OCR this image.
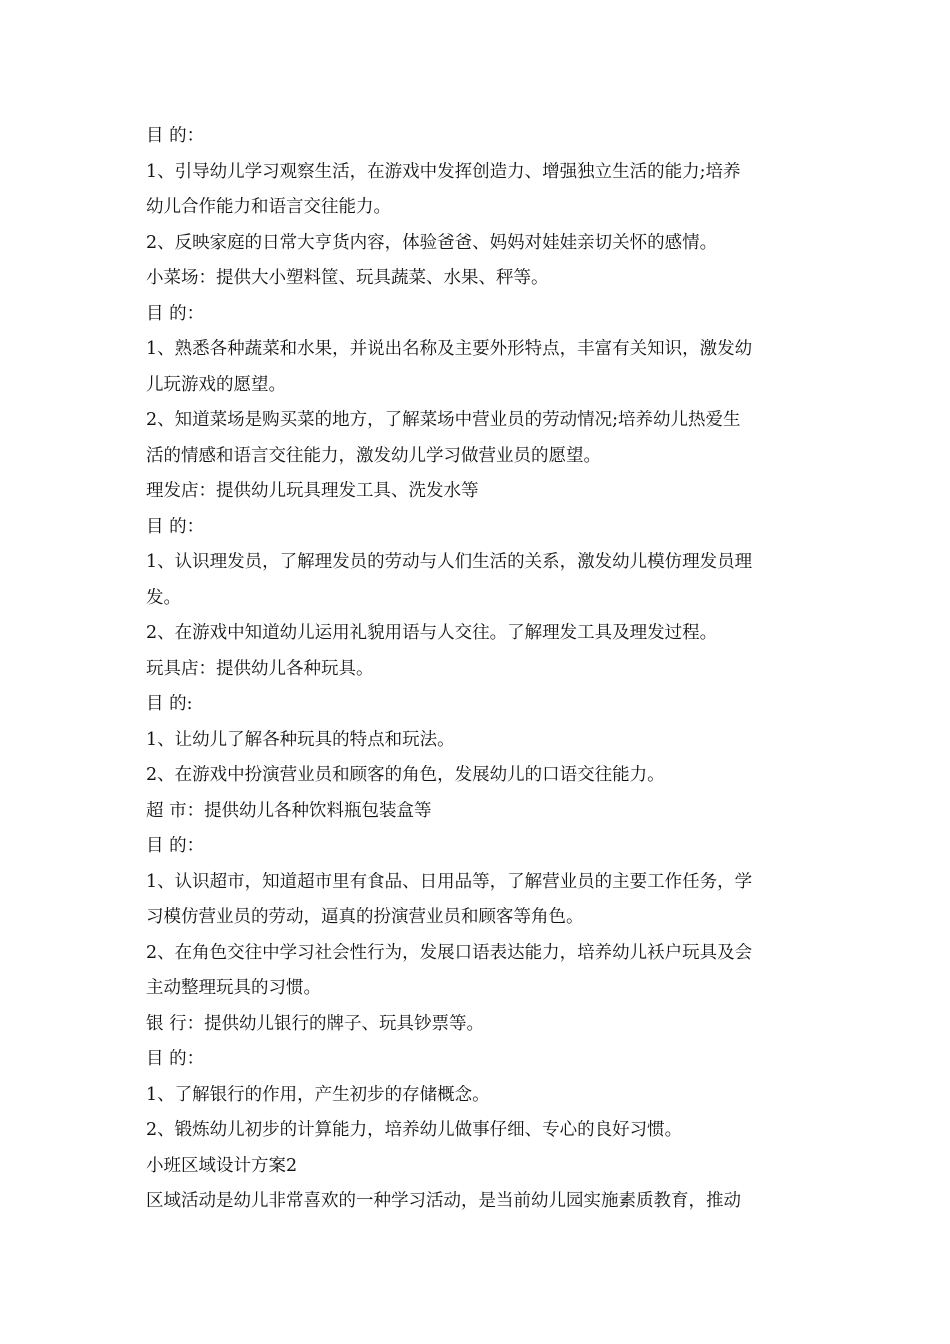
目 的：
1、引导幼儿学习观察生活，在游戏中发挥创造力、增强独立生活的能力;培养
幼儿合作能力和语言交往能力。
2、反映家庭的日常大亨货内容，体验爸爸、妈妈对娃娃亲切关怀的感情。
小菜场：提供大小塑料筐、玩具蔬菜、水果、秤等。
目 的：
1、熟悉各种蔬菜和水果，并说出名称及主要外形特点，丰富有关知识，激发幼
儿玩游戏的愿望。
2、知道菜场是购买菜的地方，了解菜场中营业员的劳动情况;培养幼儿热爱生
活的情感和语言交往能力，激发幼儿学习做营业员的愿望。
理发店：提供幼儿玩具理发工具、洗发水等
目 的：
1、认识理发员，了解理发员的劳动与人们生活的关系，激发幼儿模仿理发员理
发。
2、在游戏中知道幼儿运用礼貌用语与人交往。了解理发工具及理发过程。
玩具店：提供幼儿各种玩具。
目 的:
1、让幼儿了解各种玩具的特点和玩法。
2、在游戏中扮演营业员和顾客的角色，发展幼儿的口语交往能力。
超 市：提供幼儿各种饮料瓶包装盒等
目 的：
1、认识超市，知道超市里有食品、日用品等，了解营业员的主要工作任务，学
习模仿营业员的劳动，逼真的扮演营业员和顾客等角色。
2、在角色交往中学习社会性行为，发展口语表达能力，培养幼儿袄户玩具及会
主动整理玩具的习惯。
银 行：提供幼儿银行的牌子、玩具钞票等。
目 的：
1、了解银行的作用，产生初步的存储概念。
2、锻炼幼儿初步的计算能力，培养幼儿做事仔细、专心的良好习惯。
小班区域设计方案2
区域活动是幼儿非常喜欢的一种学习活动，是当前幼儿园实施素质教育，推动
